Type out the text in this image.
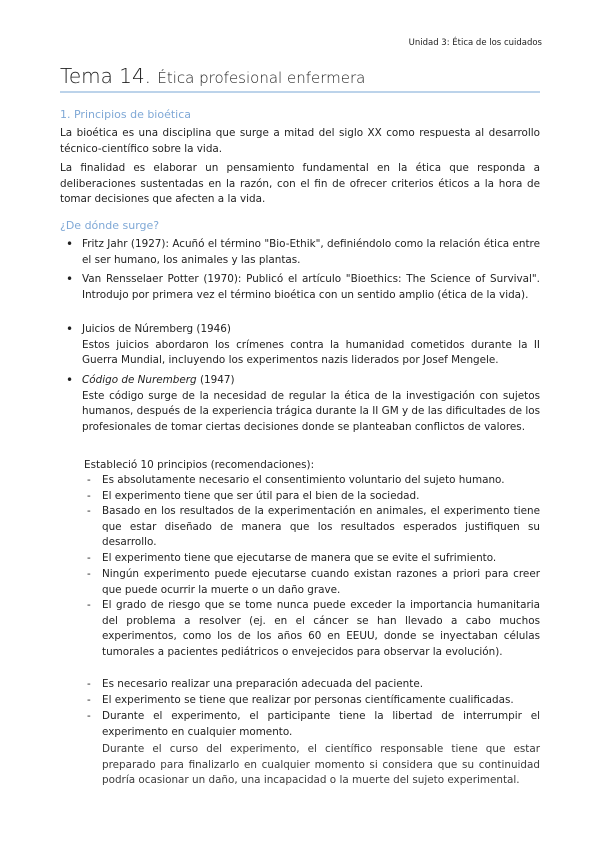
Unidad 3: Ética de los cuidados
Tema 14. Ética profesional enfermera
1. Principios de bioética
La bioética es una disciplina que surge a mitad del siglo XX como respuesta al desarrollo técnico-científico sobre la vida.
La finalidad es elaborar un pensamiento fundamental en la ética que responda a deliberaciones sustentadas en la razón, con el fin de ofrecer criterios éticos a la hora de tomar decisiones que afecten a la vida.
¿De dónde surge?
• Fritz Jahr (1927): Acuñó el término "Bio-Ethik", definiéndolo como la relación ética entre el ser humano, los animales y las plantas.
• Van Rensselaer Potter (1970): Publicó el artículo "Bioethics: The Science of Survival". Introdujo por primera vez el término bioética con un sentido amplio (ética de la vida).
• Juicios de Núremberg (1946)
Estos juicios abordaron los crímenes contra la humanidad cometidos durante la II Guerra Mundial, incluyendo los experimentos nazis liderados por Josef Mengele.
• Código de Nuremberg (1947)
Este código surge de la necesidad de regular la ética de la investigación con sujetos humanos, después de la experiencia trágica durante la II GM y de las dificultades de los profesionales de tomar ciertas decisiones donde se planteaban conflictos de valores.
Estableció 10 principios (recomendaciones):
- Es absolutamente necesario el consentimiento voluntario del sujeto humano.
- El experimento tiene que ser útil para el bien de la sociedad.
- Basado en los resultados de la experimentación en animales, el experimento tiene que estar diseñado de manera que los resultados esperados justifiquen su desarrollo.
- El experimento tiene que ejecutarse de manera que se evite el sufrimiento.
- Ningún experimento puede ejecutarse cuando existan razones a priori para creer que puede ocurrir la muerte o un daño grave.
- El grado de riesgo que se tome nunca puede exceder la importancia humanitaria del problema a resolver (ej. en el cáncer se han llevado a cabo muchos experimentos, como los de los años 60 en EEUU, donde se inyectaban células tumorales a pacientes pediátricos o envejecidos para observar la evolución).
- Es necesario realizar una preparación adecuada del paciente.
- El experimento se tiene que realizar por personas científicamente cualificadas.
- Durante el experimento, el participante tiene la libertad de interrumpir el experimento en cualquier momento.
Durante el curso del experimento, el científico responsable tiene que estar preparado para finalizarlo en cualquier momento si considera que su continuidad podría ocasionar un daño, una incapacidad o la muerte del sujeto experimental.
